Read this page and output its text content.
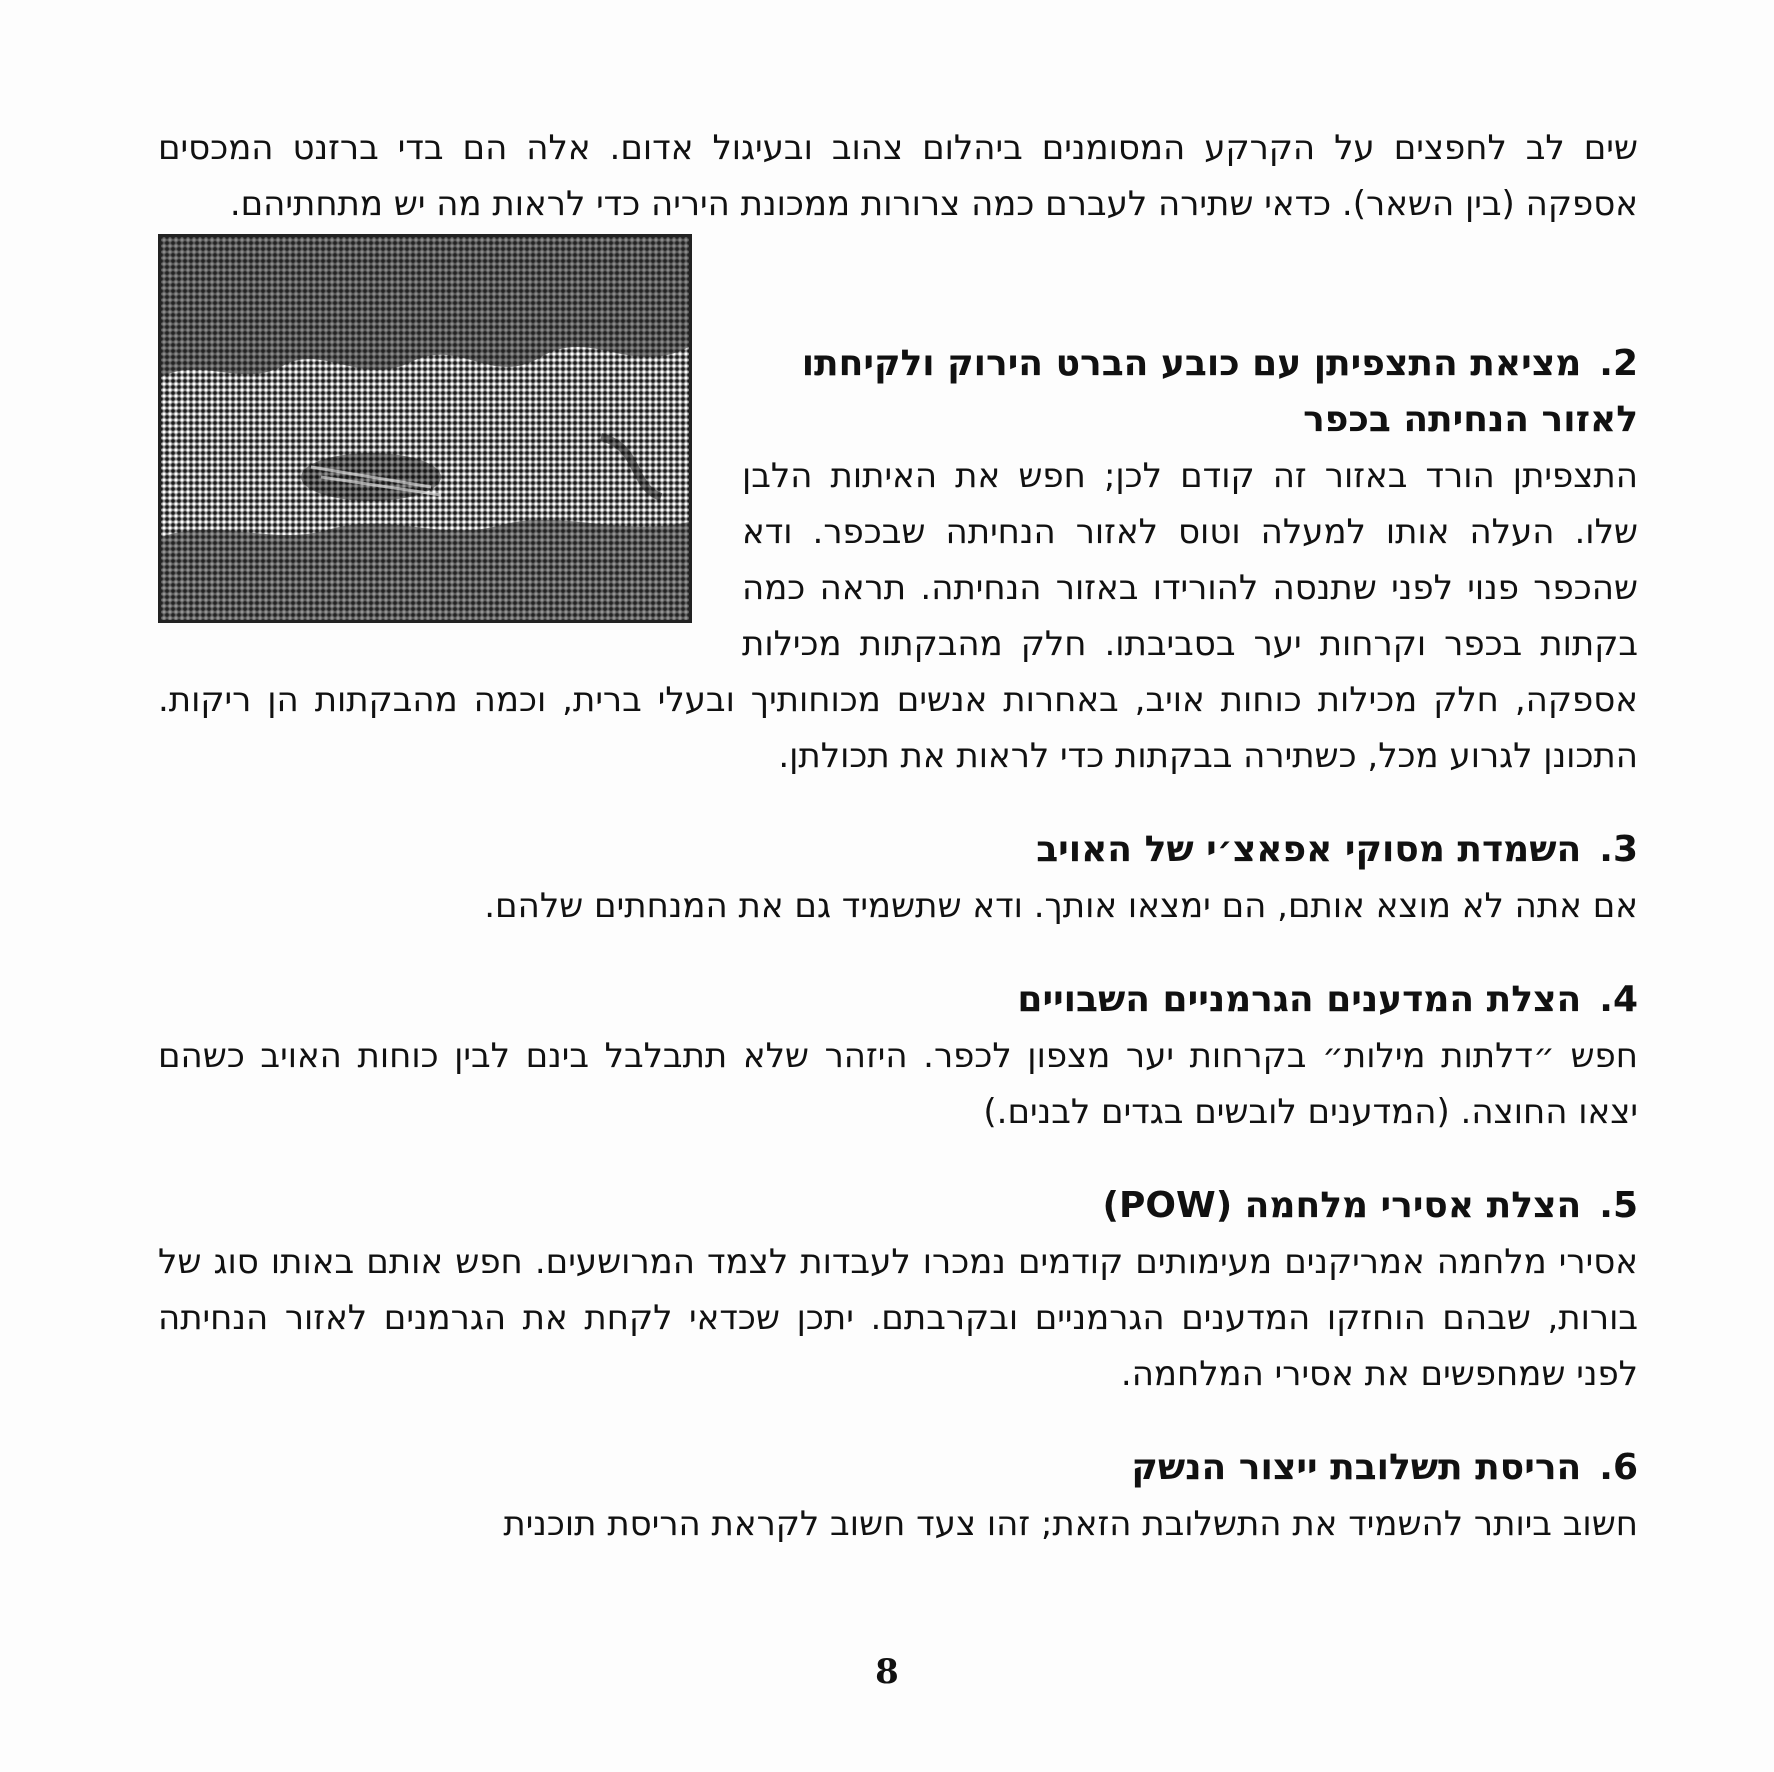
שים לב לחפצים על הקרקע המסומנים ביהלום צהוב ובעיגול אדום. אלה הם בדי ברזנט המכסים אספקה (בין השאר). כדאי שתירה לעברם כמה צרורות ממכונת היריה כדי לראות מה יש מתחתיהם.

2.מציאת התצפיתן עם כובע הברט הירוק ולקיחתו לאזור הנחיתה בכפר

התצפיתן הורד באזור זה קודם לכן; חפש את האיתות הלבן שלו. העלה אותו למעלה וטוס לאזור הנחיתה שבכפר. ודא שהכפר פנוי לפני שתנסה להורידו באזור הנחיתה. תראה כמה בקתות בכפר וקרחות יער בסביבתו. חלק מהבקתות מכילות אספקה, חלק מכילות כוחות אויב, באחרות אנשים מכוחותיך ובעלי ברית, וכמה מהבקתות הן ריקות. התכונן לגרוע מכל, כשתירה בבקתות כדי לראות את תכולתן.

3.השמדת מסוקי אפאצ׳י של האויב

אם אתה לא מוצא אותם, הם ימצאו אותך. ודא שתשמיד גם את המנחתים שלהם.

4.הצלת המדענים הגרמניים השבויים

חפש ״דלתות מילות״ בקרחות יער מצפון לכפר. היזהר שלא תתבלבל בינם לבין כוחות האויב כשהם יצאו החוצה. (המדענים לובשים בגדים לבנים.)

5.הצלת אסירי מלחמה (POW)

אסירי מלחמה אמריקנים מעימותים קודמים נמכרו לעבדות לצמד המרושעים. חפש אותם באותו סוג של בורות, שבהם הוחזקו המדענים הגרמניים ובקרבתם. יתכן שכדאי לקחת את הגרמנים לאזור הנחיתה לפני שמחפשים את אסירי המלחמה.

6.הריסת תשלובת ייצור הנשק

חשוב ביותר להשמיד את התשלובת הזאת; זהו צעד חשוב לקראת הריסת תוכנית

8
